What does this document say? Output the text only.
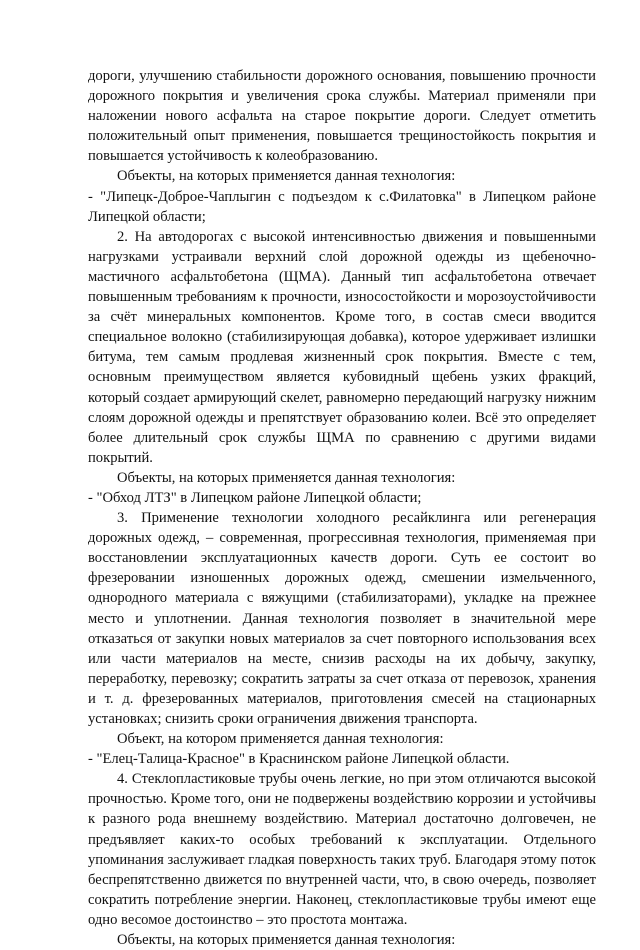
дороги, улучшению стабильности дорожного основания, повышению прочности дорожного покрытия и увеличения срока службы. Материал применяли при наложении нового асфальта на старое покрытие дороги. Следует отметить положительный опыт применения, повышается трещиностойкость покрытия и повышается устойчивость к колеобразованию.

Объекты, на которых применяется данная технология:

- "Липецк-Доброе-Чаплыгин с подъездом к с.Филатовка" в Липецком районе Липецкой области;

2. На автодорогах с высокой интенсивностью движения и повышенными нагрузками устраивали верхний слой дорожной одежды из щебеночно-мастичного асфальтобетона (ЩМА). Данный тип асфальтобетона отвечает повышенным требованиям к прочности, износостойкости и морозоустойчивости за счёт минеральных компонентов. Кроме того, в состав смеси вводится специальное волокно (стабилизирующая добавка), которое удерживает излишки битума, тем самым продлевая жизненный срок покрытия. Вместе с тем, основным преимуществом является кубовидный щебень узких фракций, который создает армирующий скелет, равномерно передающий нагрузку нижним слоям дорожной одежды и препятствует образованию колеи. Всё это определяет более длительный срок службы ЩМА по сравнению с другими видами покрытий.

Объекты, на которых применяется данная технология:

- "Обход ЛТЗ" в Липецком районе Липецкой области;

3. Применение технологии холодного ресайклинга или регенерация дорожных одежд, – современная, прогрессивная технология, применяемая при восстановлении эксплуатационных качеств дороги. Суть ее состоит во фрезеровании изношенных дорожных одежд, смешении измельченного, однородного материала с вяжущими (стабилизаторами), укладке на прежнее место и уплотнении. Данная технология позволяет в значительной мере отказаться от закупки новых материалов за счет повторного использования всех или части материалов на месте, снизив расходы на их добычу, закупку, переработку, перевозку; сократить затраты за счет отказа от перевозок, хранения и т. д. фрезерованных материалов, приготовления смесей на стационарных установках; снизить сроки ограничения движения транспорта.

Объект, на котором применяется данная технология:

- "Елец-Талица-Красное" в Краснинском районе Липецкой области.

4. Стеклопластиковые трубы очень легкие, но при этом отличаются высокой прочностью. Кроме того, они не подвержены воздействию коррозии и устойчивы к разного рода внешнему воздействию. Материал достаточно долговечен, не предъявляет каких-то особых требований к эксплуатации. Отдельного упоминания заслуживает гладкая поверхность таких труб. Благодаря этому поток беспрепятственно движется по внутренней части, что, в свою очередь, позволяет сократить потребление энергии. Наконец, стеклопластиковые трубы имеют еще одно весомое достоинство – это простота монтажа.

Объекты, на которых применяется данная технология:
